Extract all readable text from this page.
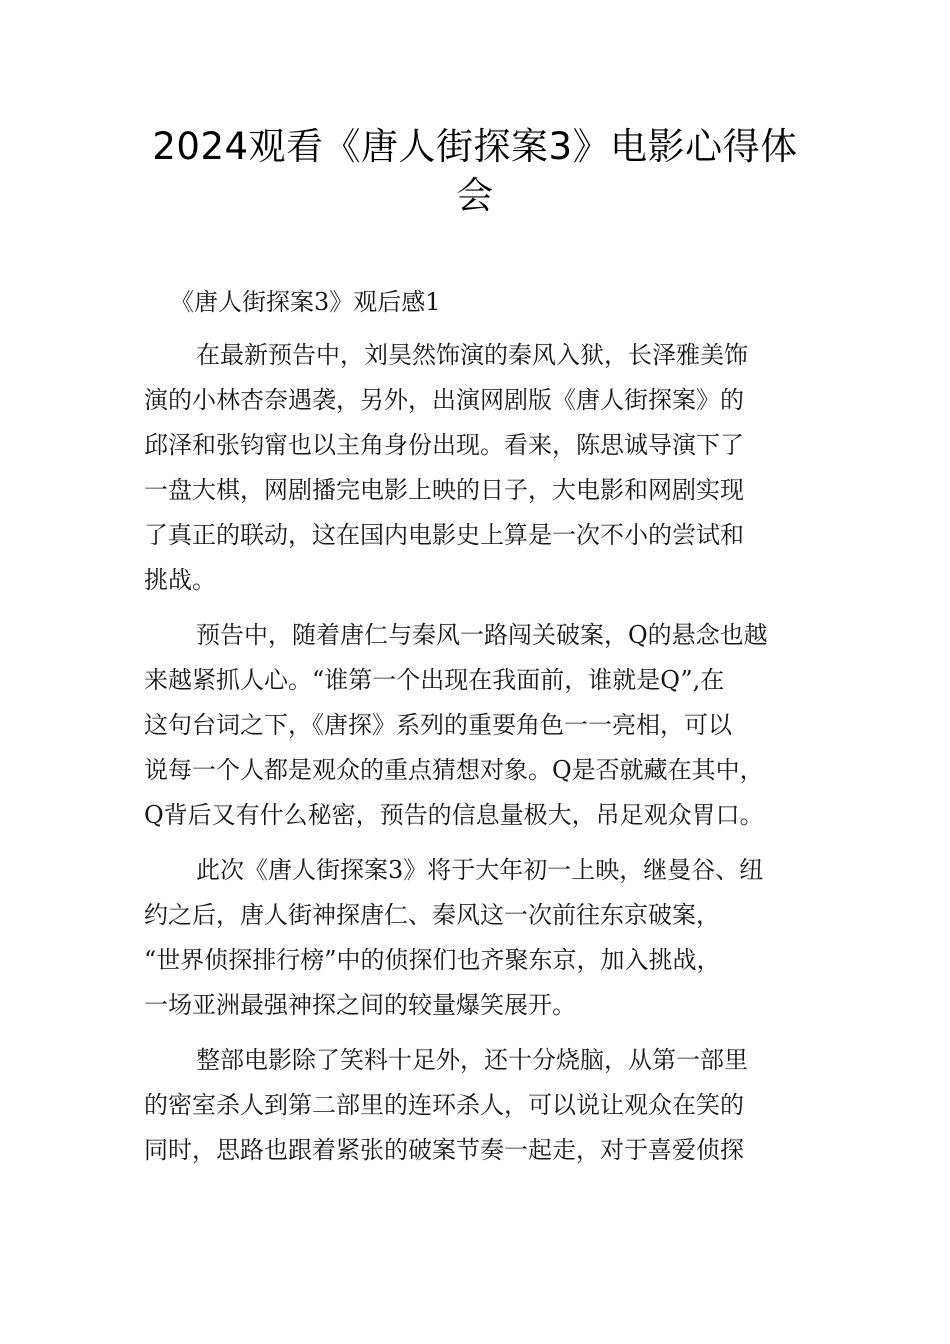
2024观看《唐人街探案3》电影心得体
会
《唐人街探案3》观后感1
在最新预告中，刘昊然饰演的秦风入狱，长泽雅美饰
演的小林杏奈遇袭，另外，出演网剧版《唐人街探案》的
邱泽和张钧甯也以主角身份出现。看来，陈思诚导演下了
一盘大棋，网剧播完电影上映的日子，大电影和网剧实现
了真正的联动，这在国内电影史上算是一次不小的尝试和
挑战。
预告中，随着唐仁与秦风一路闯关破案，Q的悬念也越
来越紧抓人心。“谁第一个出现在我面前，谁就是Q”,在
这句台词之下，《唐探》系列的重要角色一一亮相，可以
说每一个人都是观众的重点猜想对象。Q是否就藏在其中，
Q背后又有什么秘密，预告的信息量极大，吊足观众胃口。
此次《唐人街探案3》将于大年初一上映，继曼谷、纽
约之后，唐人街神探唐仁、秦风这一次前往东京破案，
“世界侦探排行榜”中的侦探们也齐聚东京，加入挑战，
一场亚洲最强神探之间的较量爆笑展开。
整部电影除了笑料十足外，还十分烧脑，从第一部里
的密室杀人到第二部里的连环杀人，可以说让观众在笑的
同时，思路也跟着紧张的破案节奏一起走，对于喜爱侦探
